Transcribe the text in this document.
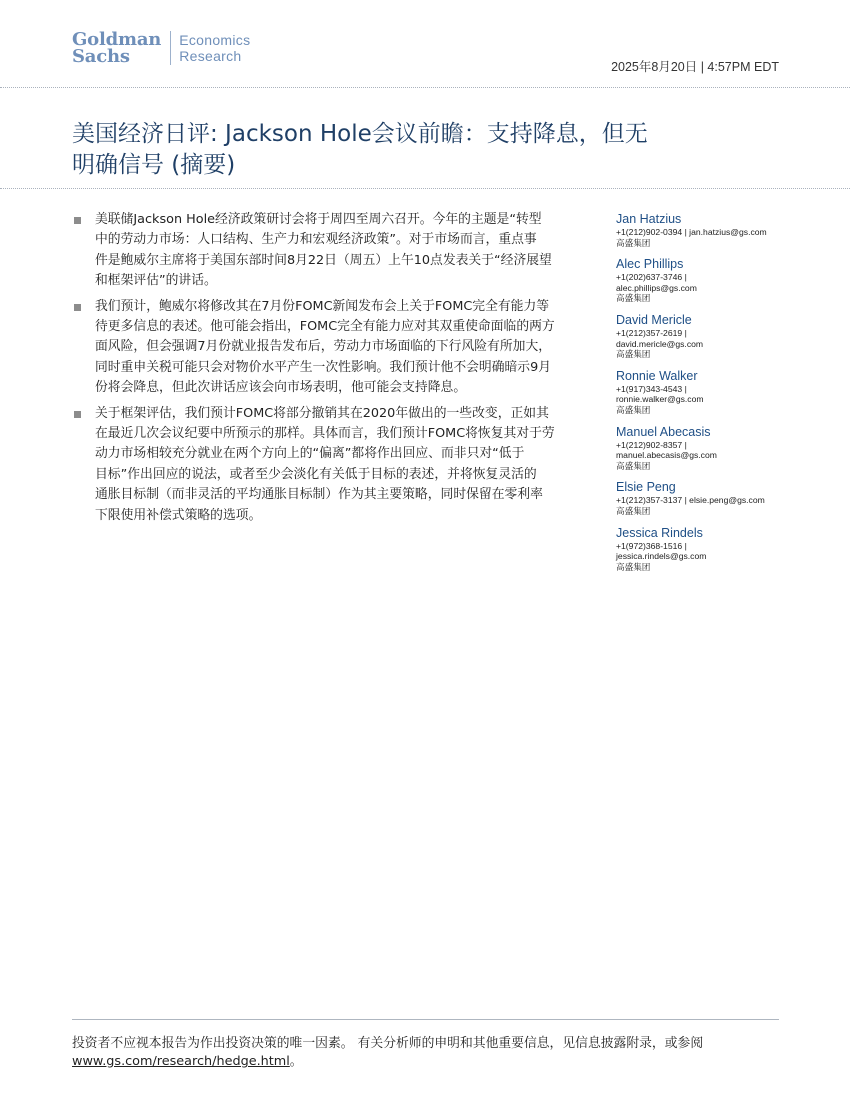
Goldman
Sachs
Economics
Research
2025年8月20日 | 4:57PM EDT
美国经济日评: Jackson Hole会议前瞻：支持降息，但无
明确信号 (摘要)
美联储Jackson Hole经济政策研讨会将于周四至周六召开。今年的主题是“转型
中的劳动力市场：人口结构、生产力和宏观经济政策”。对于市场而言，重点事
件是鲍威尔主席将于美国东部时间8月22日（周五）上午10点发表关于“经济展望
和框架评估”的讲话。
我们预计，鲍威尔将修改其在7月份FOMC新闻发布会上关于FOMC完全有能力等
待更多信息的表述。他可能会指出，FOMC完全有能力应对其双重使命面临的两方
面风险，但会强调7月份就业报告发布后，劳动力市场面临的下行风险有所加大，
同时重申关税可能只会对物价水平产生一次性影响。我们预计他不会明确暗示9月
份将会降息，但此次讲话应该会向市场表明，他可能会支持降息。
关于框架评估，我们预计FOMC将部分撤销其在2020年做出的一些改变，正如其
在最近几次会议纪要中所预示的那样。具体而言，我们预计FOMC将恢复其对于劳
动力市场相较充分就业在两个方向上的“偏离”都将作出回应、而非只对“低于
目标”作出回应的说法，或者至少会淡化有关低于目标的表述，并将恢复灵活的
通胀目标制（而非灵活的平均通胀目标制）作为其主要策略，同时保留在零利率
下限使用补偿式策略的选项。
Jan Hatzius
+1(212)902-0394 | jan.hatzius@gs.com
高盛集团
Alec Phillips
+1(202)637-3746 |
alec.phillips@gs.com
高盛集团
David Mericle
+1(212)357-2619 |
david.mericle@gs.com
高盛集团
Ronnie Walker
+1(917)343-4543 |
ronnie.walker@gs.com
高盛集团
Manuel Abecasis
+1(212)902-8357 |
manuel.abecasis@gs.com
高盛集团
Elsie Peng
+1(212)357-3137 | elsie.peng@gs.com
高盛集团
Jessica Rindels
+1(972)368-1516 |
jessica.rindels@gs.com
高盛集团
投资者不应视本报告为作出投资决策的唯一因素。 有关分析师的申明和其他重要信息，见信息披露附录，或参阅
www.gs.com/research/hedge.html。
